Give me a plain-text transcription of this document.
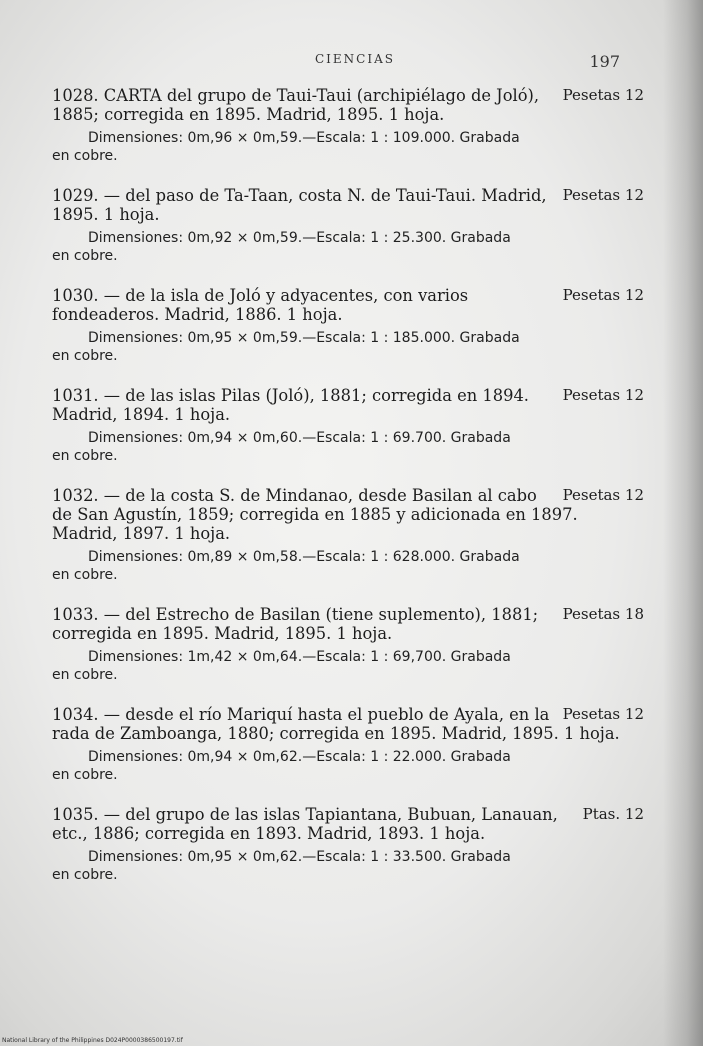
CIENCIAS	197
Pesetas 12
1028. CARTA del grupo de Taui-Taui (archipiélago de Joló), 1885; corregida en 1895. Madrid, 1895. 1 hoja.
Dimensiones: 0m,96 × 0m,59.—Escala: 1 : 109.000. Grabada
en cobre.
Pesetas 12
1029. — del paso de Ta-Taan, costa N. de Taui-Taui. Madrid, 1895. 1 hoja.
Dimensiones: 0m,92 × 0m,59.—Escala: 1 : 25.300. Grabada
en cobre.
Pesetas 12
1030. — de la isla de Joló y adyacentes, con varios fondeaderos. Madrid, 1886. 1 hoja.
Dimensiones: 0m,95 × 0m,59.—Escala: 1 : 185.000. Grabada
en cobre.
Pesetas 12
1031. — de las islas Pilas (Joló), 1881; corregida en 1894. Madrid, 1894. 1 hoja.
Dimensiones: 0m,94 × 0m,60.—Escala: 1 : 69.700. Grabada
en cobre.
Pesetas 12
1032. — de la costa S. de Mindanao, desde Basilan al cabo de San Agustín, 1859; corregida en 1885 y adicionada en 1897. Madrid, 1897. 1 hoja.
Dimensiones: 0m,89 × 0m,58.—Escala: 1 : 628.000. Grabada
en cobre.
Pesetas 18
1033. — del Estrecho de Basilan (tiene suplemento), 1881; corregida en 1895. Madrid, 1895. 1 hoja.
Dimensiones: 1m,42 × 0m,64.—Escala: 1 : 69,700. Grabada
en cobre.
Pesetas 12
1034. — desde el río Mariquí hasta el pueblo de Ayala, en la rada de Zamboanga, 1880; corregida en 1895. Madrid, 1895. 1 hoja.
Dimensiones: 0m,94 × 0m,62.—Escala: 1 : 22.000. Grabada
en cobre.
Ptas. 12
1035. — del grupo de las islas Tapiantana, Bubuan, Lanauan, etc., 1886; corregida en 1893. Madrid, 1893. 1 hoja.
Dimensiones: 0m,95 × 0m,62.—Escala: 1 : 33.500. Grabada
en cobre.
National Library of the Philippines D024P0000386500197.tif
